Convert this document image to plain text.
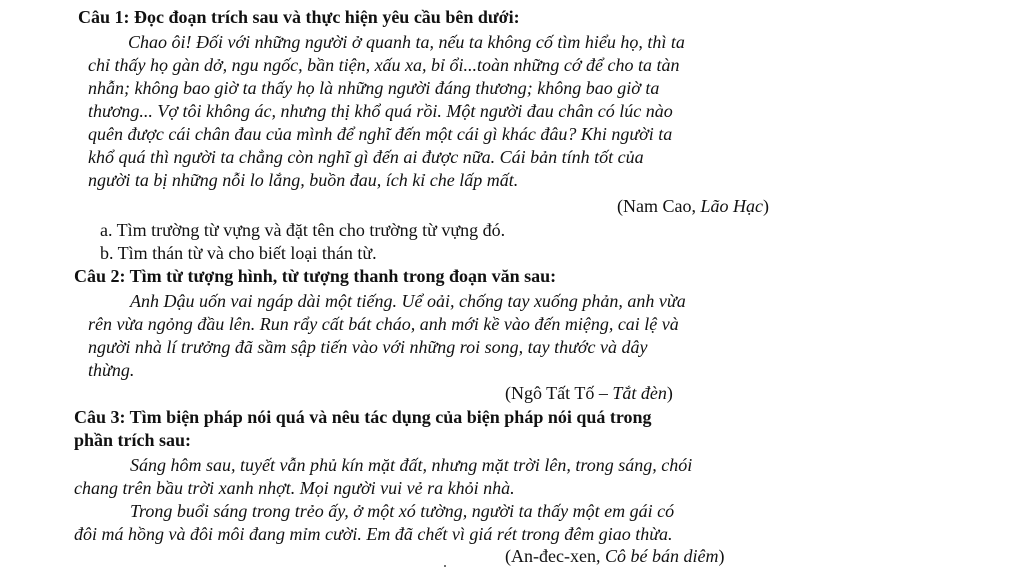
Câu 1: Đọc đoạn trích sau và thực hiện yêu cầu bên dưới:
Chao ôi! Đối với những người ở quanh ta, nếu ta không cố tìm hiểu họ, thì ta
chỉ thấy họ gàn dở, ngu ngốc, bần tiện, xấu xa, bỉ ổi...toàn những cớ để cho ta tàn
nhẫn; không bao giờ ta thấy họ là những người đáng thương; không bao giờ ta
thương... Vợ tôi không ác, nhưng thị khổ quá rồi. Một người đau chân có lúc nào
quên được cái chân đau của mình để nghĩ đến một cái gì khác đâu? Khi người ta
khổ quá thì người ta chẳng còn nghĩ gì đến ai được nữa. Cái bản tính tốt của
người ta bị những nỗi lo lắng, buồn đau, ích kỉ che lấp mất.
(Nam Cao, Lão Hạc)
a. Tìm trường từ vựng và đặt tên cho trường từ vựng đó.
b. Tìm thán từ và cho biết loại thán từ.
Câu 2: Tìm từ tượng hình, từ tượng thanh trong đoạn văn sau:
Anh Dậu uốn vai ngáp dài một tiếng. Uể oải, chống tay xuống phản, anh vừa
rên vừa ngỏng đầu lên. Run rẩy cất bát cháo, anh mới kề vào đến miệng, cai lệ và
người nhà lí trưởng đã sầm sập tiến vào với những roi song, tay thước và dây
thừng.
(Ngô Tất Tố – Tắt đèn)
Câu 3: Tìm biện pháp nói quá và nêu tác dụng của biện pháp nói quá trong
phần trích sau:
Sáng hôm sau, tuyết vẫn phủ kín mặt đất, nhưng mặt trời lên, trong sáng, chói
chang trên bầu trời xanh nhợt. Mọi người vui vẻ ra khỏi nhà.
Trong buổi sáng trong trẻo ấy, ở một xó tường, người ta thấy một em gái có
đôi má hồng và đôi môi đang mỉm cười. Em đã chết vì giá rét trong đêm giao thừa.
(An-đec-xen, Cô bé bán diêm)
